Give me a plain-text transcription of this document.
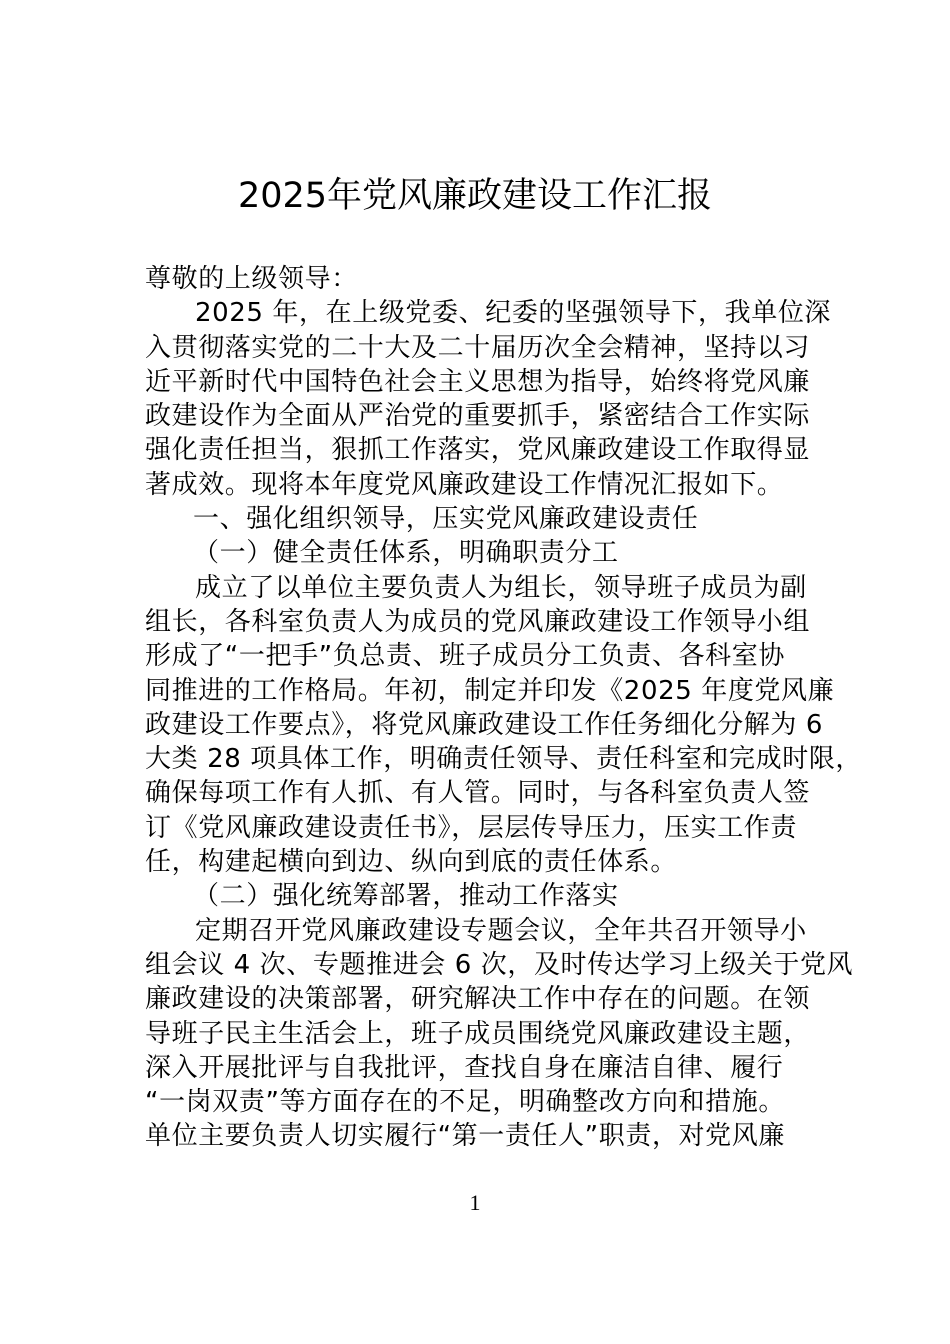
2025年党风廉政建设工作汇报
尊敬的上级领导：
2025 年，在上级党委、纪委的坚强领导下，我单位深
入贯彻落实党的二十大及二十届历次全会精神，坚持以习
近平新时代中国特色社会主义思想为指导，始终将党风廉
政建设作为全面从严治党的重要抓手，紧密结合工作实际
强化责任担当，狠抓工作落实，党风廉政建设工作取得显
著成效。现将本年度党风廉政建设工作情况汇报如下。
一、强化组织领导，压实党风廉政建设责任
（一）健全责任体系，明确职责分工
成立了以单位主要负责人为组长，领导班子成员为副
组长，各科室负责人为成员的党风廉政建设工作领导小组
形成了“一把手”负总责、班子成员分工负责、各科室协
同推进的工作格局。年初，制定并印发《2025 年度党风廉
政建设工作要点》，将党风廉政建设工作任务细化分解为 6
大类 28 项具体工作，明确责任领导、责任科室和完成时限，
确保每项工作有人抓、有人管。同时，与各科室负责人签
订《党风廉政建设责任书》，层层传导压力，压实工作责
任，构建起横向到边、纵向到底的责任体系。
（二）强化统筹部署，推动工作落实
定期召开党风廉政建设专题会议，全年共召开领导小
组会议 4 次、专题推进会 6 次，及时传达学习上级关于党风
廉政建设的决策部署，研究解决工作中存在的问题。在领
导班子民主生活会上，班子成员围绕党风廉政建设主题，
深入开展批评与自我批评，查找自身在廉洁自律、履行
“一岗双责”等方面存在的不足，明确整改方向和措施。
单位主要负责人切实履行“第一责任人”职责，对党风廉
1
